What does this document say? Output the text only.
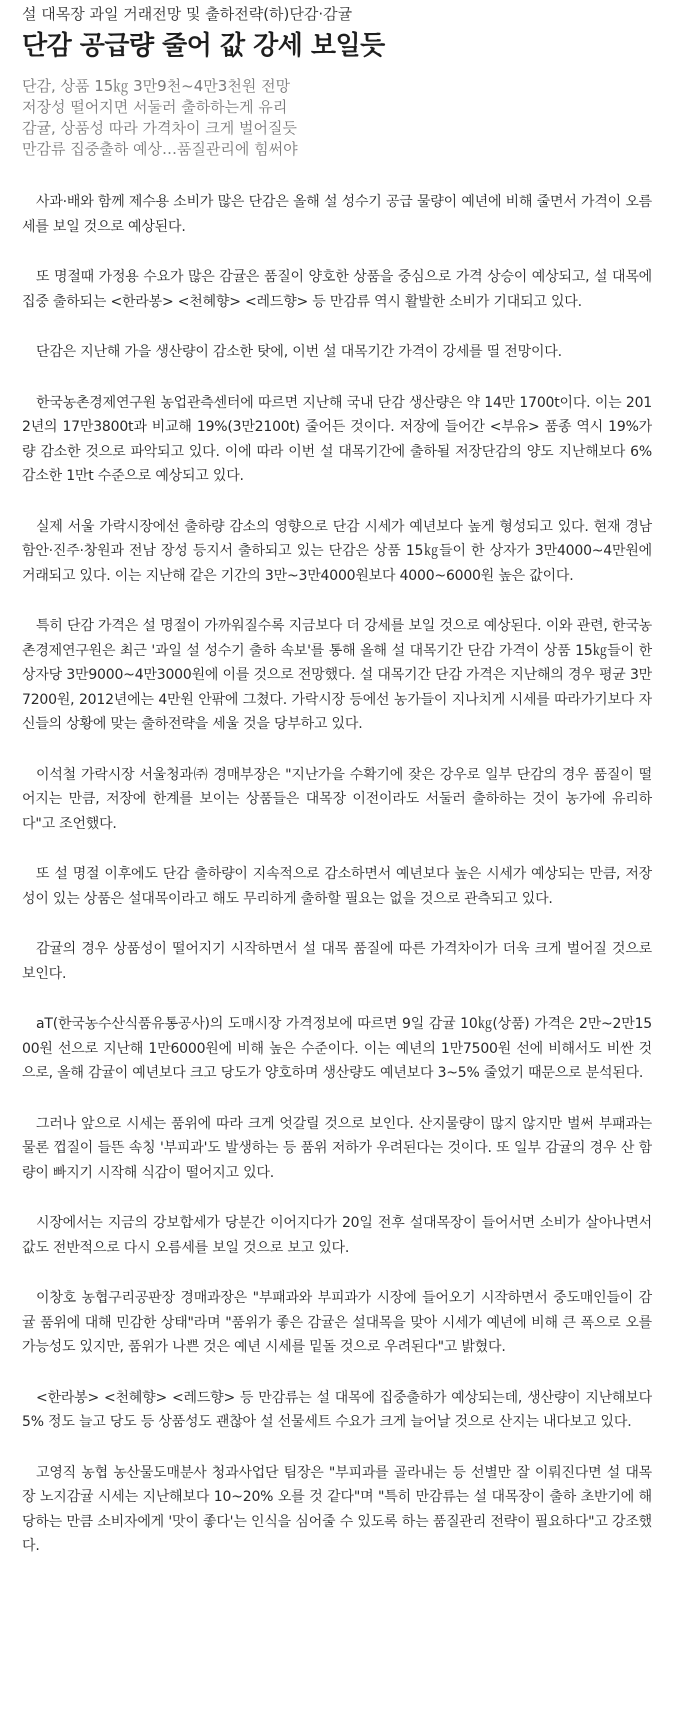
설 대목장 과일 거래전망 및 출하전략(하)단감·감귤
단감 공급량 줄어 값 강세 보일듯
단감, 상품 15㎏ 3만9천~4만3천원 전망
저장성 떨어지면 서둘러 출하하는게 유리
감귤, 상품성 따라 가격차이 크게 벌어질듯
만감류 집중출하 예상…품질관리에 힘써야

사과·배와 함께 제수용 소비가 많은 단감은 올해 설 성수기 공급 물량이 예년에 비해 줄면서 가격이 오름세를 보일 것으로 예상된다.

또 명절때 가정용 수요가 많은 감귤은 품질이 양호한 상품을 중심으로 가격 상승이 예상되고, 설 대목에 집중 출하되는 <한라봉> <천혜향> <레드향> 등 만감류 역시 활발한 소비가 기대되고 있다.

단감은 지난해 가을 생산량이 감소한 탓에, 이번 설 대목기간 가격이 강세를 띨 전망이다.

한국농촌경제연구원 농업관측센터에 따르면 지난해 국내 단감 생산량은 약 14만 1700t이다. 이는 2012년의 17만3800t과 비교해 19%(3만2100t) 줄어든 것이다. 저장에 들어간 <부유> 품종 역시 19%가량 감소한 것으로 파악되고 있다. 이에 따라 이번 설 대목기간에 출하될 저장단감의 양도 지난해보다 6% 감소한 1만t 수준으로 예상되고 있다.

실제 서울 가락시장에선 출하량 감소의 영향으로 단감 시세가 예년보다 높게 형성되고 있다. 현재 경남 함안·진주·창원과 전남 장성 등지서 출하되고 있는 단감은 상품 15㎏들이 한 상자가 3만4000~4만원에 거래되고 있다. 이는 지난해 같은 기간의 3만~3만4000원보다 4000~6000원 높은 값이다.

특히 단감 가격은 설 명절이 가까워질수록 지금보다 더 강세를 보일 것으로 예상된다. 이와 관련, 한국농촌경제연구원은 최근 '과일 설 성수기 출하 속보'를 통해 올해 설 대목기간 단감 가격이 상품 15㎏들이 한 상자당 3만9000~4만3000원에 이를 것으로 전망했다. 설 대목기간 단감 가격은 지난해의 경우 평균 3만7200원, 2012년에는 4만원 안팎에 그쳤다. 가락시장 등에선 농가들이 지나치게 시세를 따라가기보다 자신들의 상황에 맞는 출하전략을 세울 것을 당부하고 있다.

이석철 가락시장 서울청과㈜ 경매부장은 "지난가을 수확기에 잦은 강우로 일부 단감의 경우 품질이 떨어지는 만큼, 저장에 한계를 보이는 상품들은 대목장 이전이라도 서둘러 출하하는 것이 농가에 유리하다"고 조언했다.

또 설 명절 이후에도 단감 출하량이 지속적으로 감소하면서 예년보다 높은 시세가 예상되는 만큼, 저장성이 있는 상품은 설대목이라고 해도 무리하게 출하할 필요는 없을 것으로 관측되고 있다.

감귤의 경우 상품성이 떨어지기 시작하면서 설 대목 품질에 따른 가격차이가 더욱 크게 벌어질 것으로 보인다.

aT(한국농수산식품유통공사)의 도매시장 가격정보에 따르면 9일 감귤 10㎏(상품) 가격은 2만~2만1500원 선으로 지난해 1만6000원에 비해 높은 수준이다. 이는 예년의 1만7500원 선에 비해서도 비싼 것으로, 올해 감귤이 예년보다 크고 당도가 양호하며 생산량도 예년보다 3~5% 줄었기 때문으로 분석된다.

그러나 앞으로 시세는 품위에 따라 크게 엇갈릴 것으로 보인다. 산지물량이 많지 않지만 벌써 부패과는 물론 껍질이 들뜬 속칭 '부피과'도 발생하는 등 품위 저하가 우려된다는 것이다. 또 일부 감귤의 경우 산 함량이 빠지기 시작해 식감이 떨어지고 있다.

시장에서는 지금의 강보합세가 당분간 이어지다가 20일 전후 설대목장이 들어서면 소비가 살아나면서 값도 전반적으로 다시 오름세를 보일 것으로 보고 있다.

이창호 농협구리공판장 경매과장은 "부패과와 부피과가 시장에 들어오기 시작하면서 중도매인들이 감귤 품위에 대해 민감한 상태"라며 "품위가 좋은 감귤은 설대목을 맞아 시세가 예년에 비해 큰 폭으로 오를 가능성도 있지만, 품위가 나쁜 것은 예년 시세를 밑돌 것으로 우려된다"고 밝혔다.

<한라봉> <천혜향> <레드향> 등 만감류는 설 대목에 집중출하가 예상되는데, 생산량이 지난해보다 5% 정도 늘고 당도 등 상품성도 괜찮아 설 선물세트 수요가 크게 늘어날 것으로 산지는 내다보고 있다.

고영직 농협 농산물도매분사 청과사업단 팀장은 "부피과를 골라내는 등 선별만 잘 이뤄진다면 설 대목장 노지감귤 시세는 지난해보다 10~20% 오를 것 같다"며 "특히 만감류는 설 대목장이 출하 초반기에 해당하는 만큼 소비자에게 '맛이 좋다'는 인식을 심어줄 수 있도록 하는 품질관리 전략이 필요하다"고 강조했다.
